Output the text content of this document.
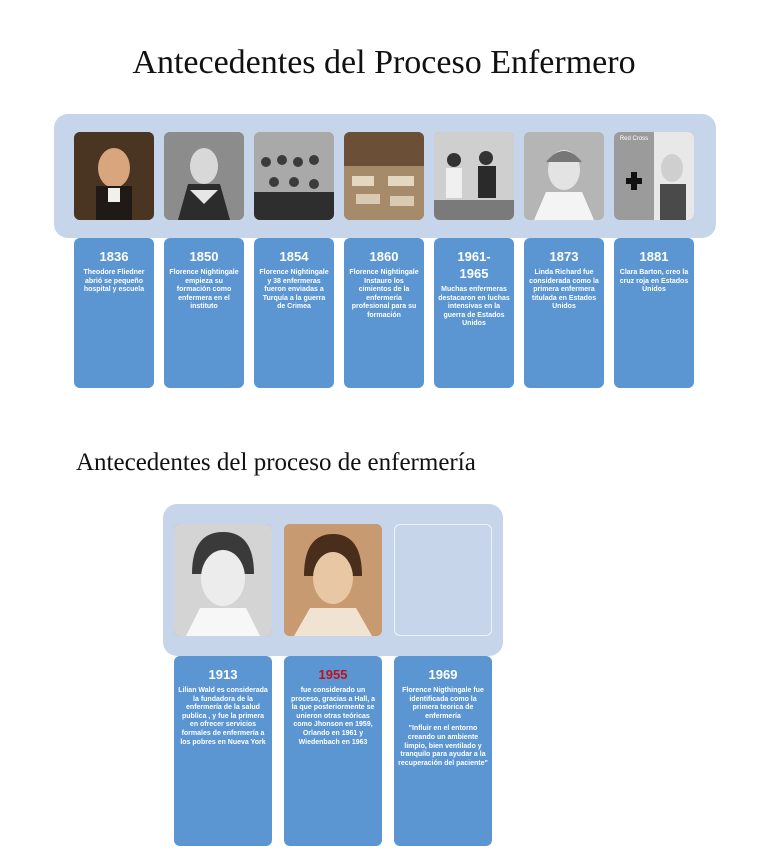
Antecedentes del Proceso Enfermero
Red Cross
1836
Theodore Fliedner abrió se pequeño hospital y escuela
1850
Florence Nightingale empieza su formación como enfermera en el instituto
1854
Florence Nightingale y 38 enfermeras fueron enviadas a Turquía a la guerra de Crimea
1860
Florence Nightingale Instauro los cimientos de la enfermería profesional para su formación
1961-1965
Muchas enfermeras destacaron en luchas intensivas en la guerra de Estados Unidos
1873
Linda Richard fue considerada como la primera enfermera titulada en Estados Unidos
1881
Clara Barton, creo la cruz roja en Estados Unidos
Antecedentes del proceso de enfermería
1913
Lilian Wald es considerada la fundadora de la enfermería de la salud publica , y fue la primera en ofrecer servicios formales de enfermería a los pobres en Nueva York
1955
fue considerado un proceso, gracias a Hall, a la que posteriormente se unieron otras teóricas como Jhonson en 1959, Orlando en 1961 y Wiedenbach en 1963
1969
Florence Nigthingale fue identificada como la primera teorica de enfermería
"Influir en el entorno creando un ambiente limpio, bien ventilado y tranquilo para ayudar a la recuperación del paciente"
